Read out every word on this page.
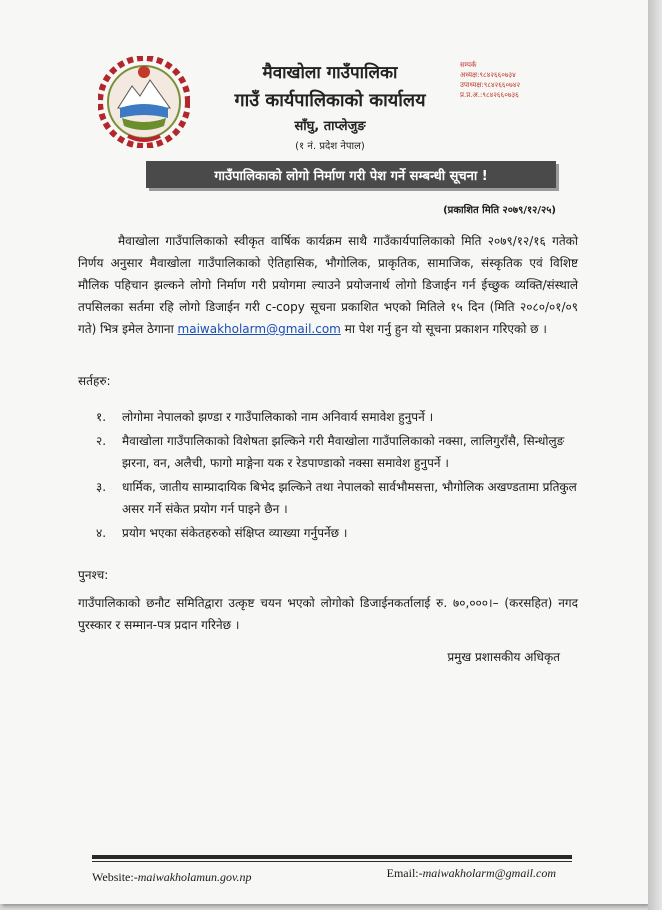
मैवाखोला गाउँपालिका
गाउँ कार्यपालिकाको कार्यालय
साँघु, ताप्लेजुङ
(१ नं. प्रदेश नेपाल)
सम्पर्क
अध्यक्ष:९८४२६६०७३४
उपाध्यक्ष:९८४२६६०७४२
प्र.प्र.अ.:९८४२६६०७३६
गाउँपालिकाको लोगो निर्माण गरी पेश गर्ने सम्बन्धी सूचना !
(प्रकाशित मिति २०७९/१२/२५)
मैवाखोला गाउँपालिकाको स्वीकृत वार्षिक कार्यक्रम साथै गाउँकार्यपालिकाको मिति २०७९/१२/१६ गतेको निर्णय अनुसार मैवाखोला गाउँपालिकाको ऐतिहासिक, भौगोलिक, प्राकृतिक, सामाजिक, संस्कृतिक एवं विशिष्ट मौलिक पहिचान झल्कने लोगो निर्माण गरी प्रयोगमा ल्याउने प्रयोजनार्थ लोगो डिजाईन गर्न ईच्छुक व्यक्ति/संस्थाले तपसिलका सर्तमा रहि लोगो डिजाईन गरी c-copy सूचना प्रकाशित भएको मितिले १५ दिन (मिति २०८०/०१/०९ गते) भित्र इमेल ठेगाना maiwakholarm@gmail.com मा पेश गर्नु हुन यो सूचना प्रकाशन गरिएको छ ।
सर्तहरु:
१.	लोगोमा नेपालको झण्डा र गाउँपालिकाको नाम अनिवार्य समावेश हुनुपर्ने ।
२.	मैवाखोला गाउँपालिकाको विशेषता झल्किने गरी मैवाखोला गाउँपालिकाको नक्सा, लालिगुराँसै, सिन्धोलुङ झरना, वन, अलैची, फागो माङ्गेना यक र रेडपाण्डाको नक्सा समावेश हुनुपर्ने ।
३.	धार्मिक, जातीय साम्प्रादायिक बिभेद झल्किने तथा नेपालको सार्वभौमसत्ता, भौगोलिक अखण्डतामा प्रतिकुल असर गर्ने संकेत प्रयोग गर्न पाइने छैन ।
४.	प्रयोग भएका संकेतहरुको संक्षिप्त व्याख्या गर्नुपर्नेछ ।
पुनश्च:
गाउँपालिकाको छनौट समितिद्वारा उत्कृष्ट चयन भएको लोगोको डिजाईनकर्तालाई रु. ७०,०००।– (करसहित) नगद पुरस्कार र सम्मान-पत्र प्रदान गरिनेछ ।
प्रमुख प्रशासकीय अधिकृत
Website:-maiwakholamun.gov.np	Email:-maiwakholarm@gmail.com
